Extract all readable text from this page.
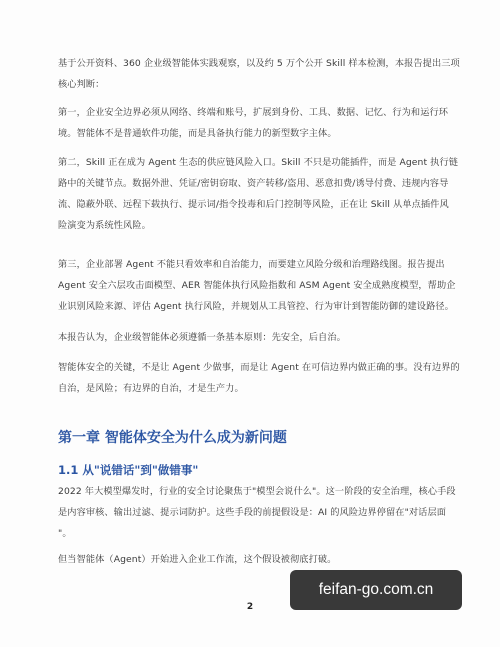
基于公开资料、360 企业级智能体实践观察，以及约 5 万个公开 Skill 样本检测，本报告提出三项
核心判断：
第一，企业安全边界必须从网络、终端和账号，扩展到身份、工具、数据、记忆、行为和运行环
境。智能体不是普通软件功能，而是具备执行能力的新型数字主体。
第二，Skill 正在成为 Agent 生态的供应链风险入口。Skill 不只是功能插件，而是 Agent 执行链
路中的关键节点。数据外泄、凭证/密钥窃取、资产转移/盗用、恶意扣费/诱导付费、违规内容导
流、隐蔽外联、远程下载执行、提示词/指令投毒和后门控制等风险，正在让 Skill 从单点插件风
险演变为系统性风险。
第三，企业部署 Agent 不能只看效率和自治能力，而要建立风险分级和治理路线图。报告提出
Agent 安全六层攻击面模型、AER 智能体执行风险指数和 ASM Agent 安全成熟度模型，帮助企
业识别风险来源、评估 Agent 执行风险，并规划从工具管控、行为审计到智能防御的建设路径。
本报告认为，企业级智能体必须遵循一条基本原则：先安全，后自治。
智能体安全的关键，不是让 Agent 少做事，而是让 Agent 在可信边界内做正确的事。没有边界的
自治，是风险；有边界的自治，才是生产力。
第一章 智能体安全为什么成为新问题
1.1 从"说错话"到"做错事"
2022 年大模型爆发时，行业的安全讨论聚焦于"模型会说什么"。这一阶段的安全治理，核心手段
是内容审核、输出过滤、提示词防护。这些手段的前提假设是：AI 的风险边界停留在"对话层面
"。
但当智能体（Agent）开始进入企业工作流，这个假设被彻底打破。
2
feifan-go.com.cn
